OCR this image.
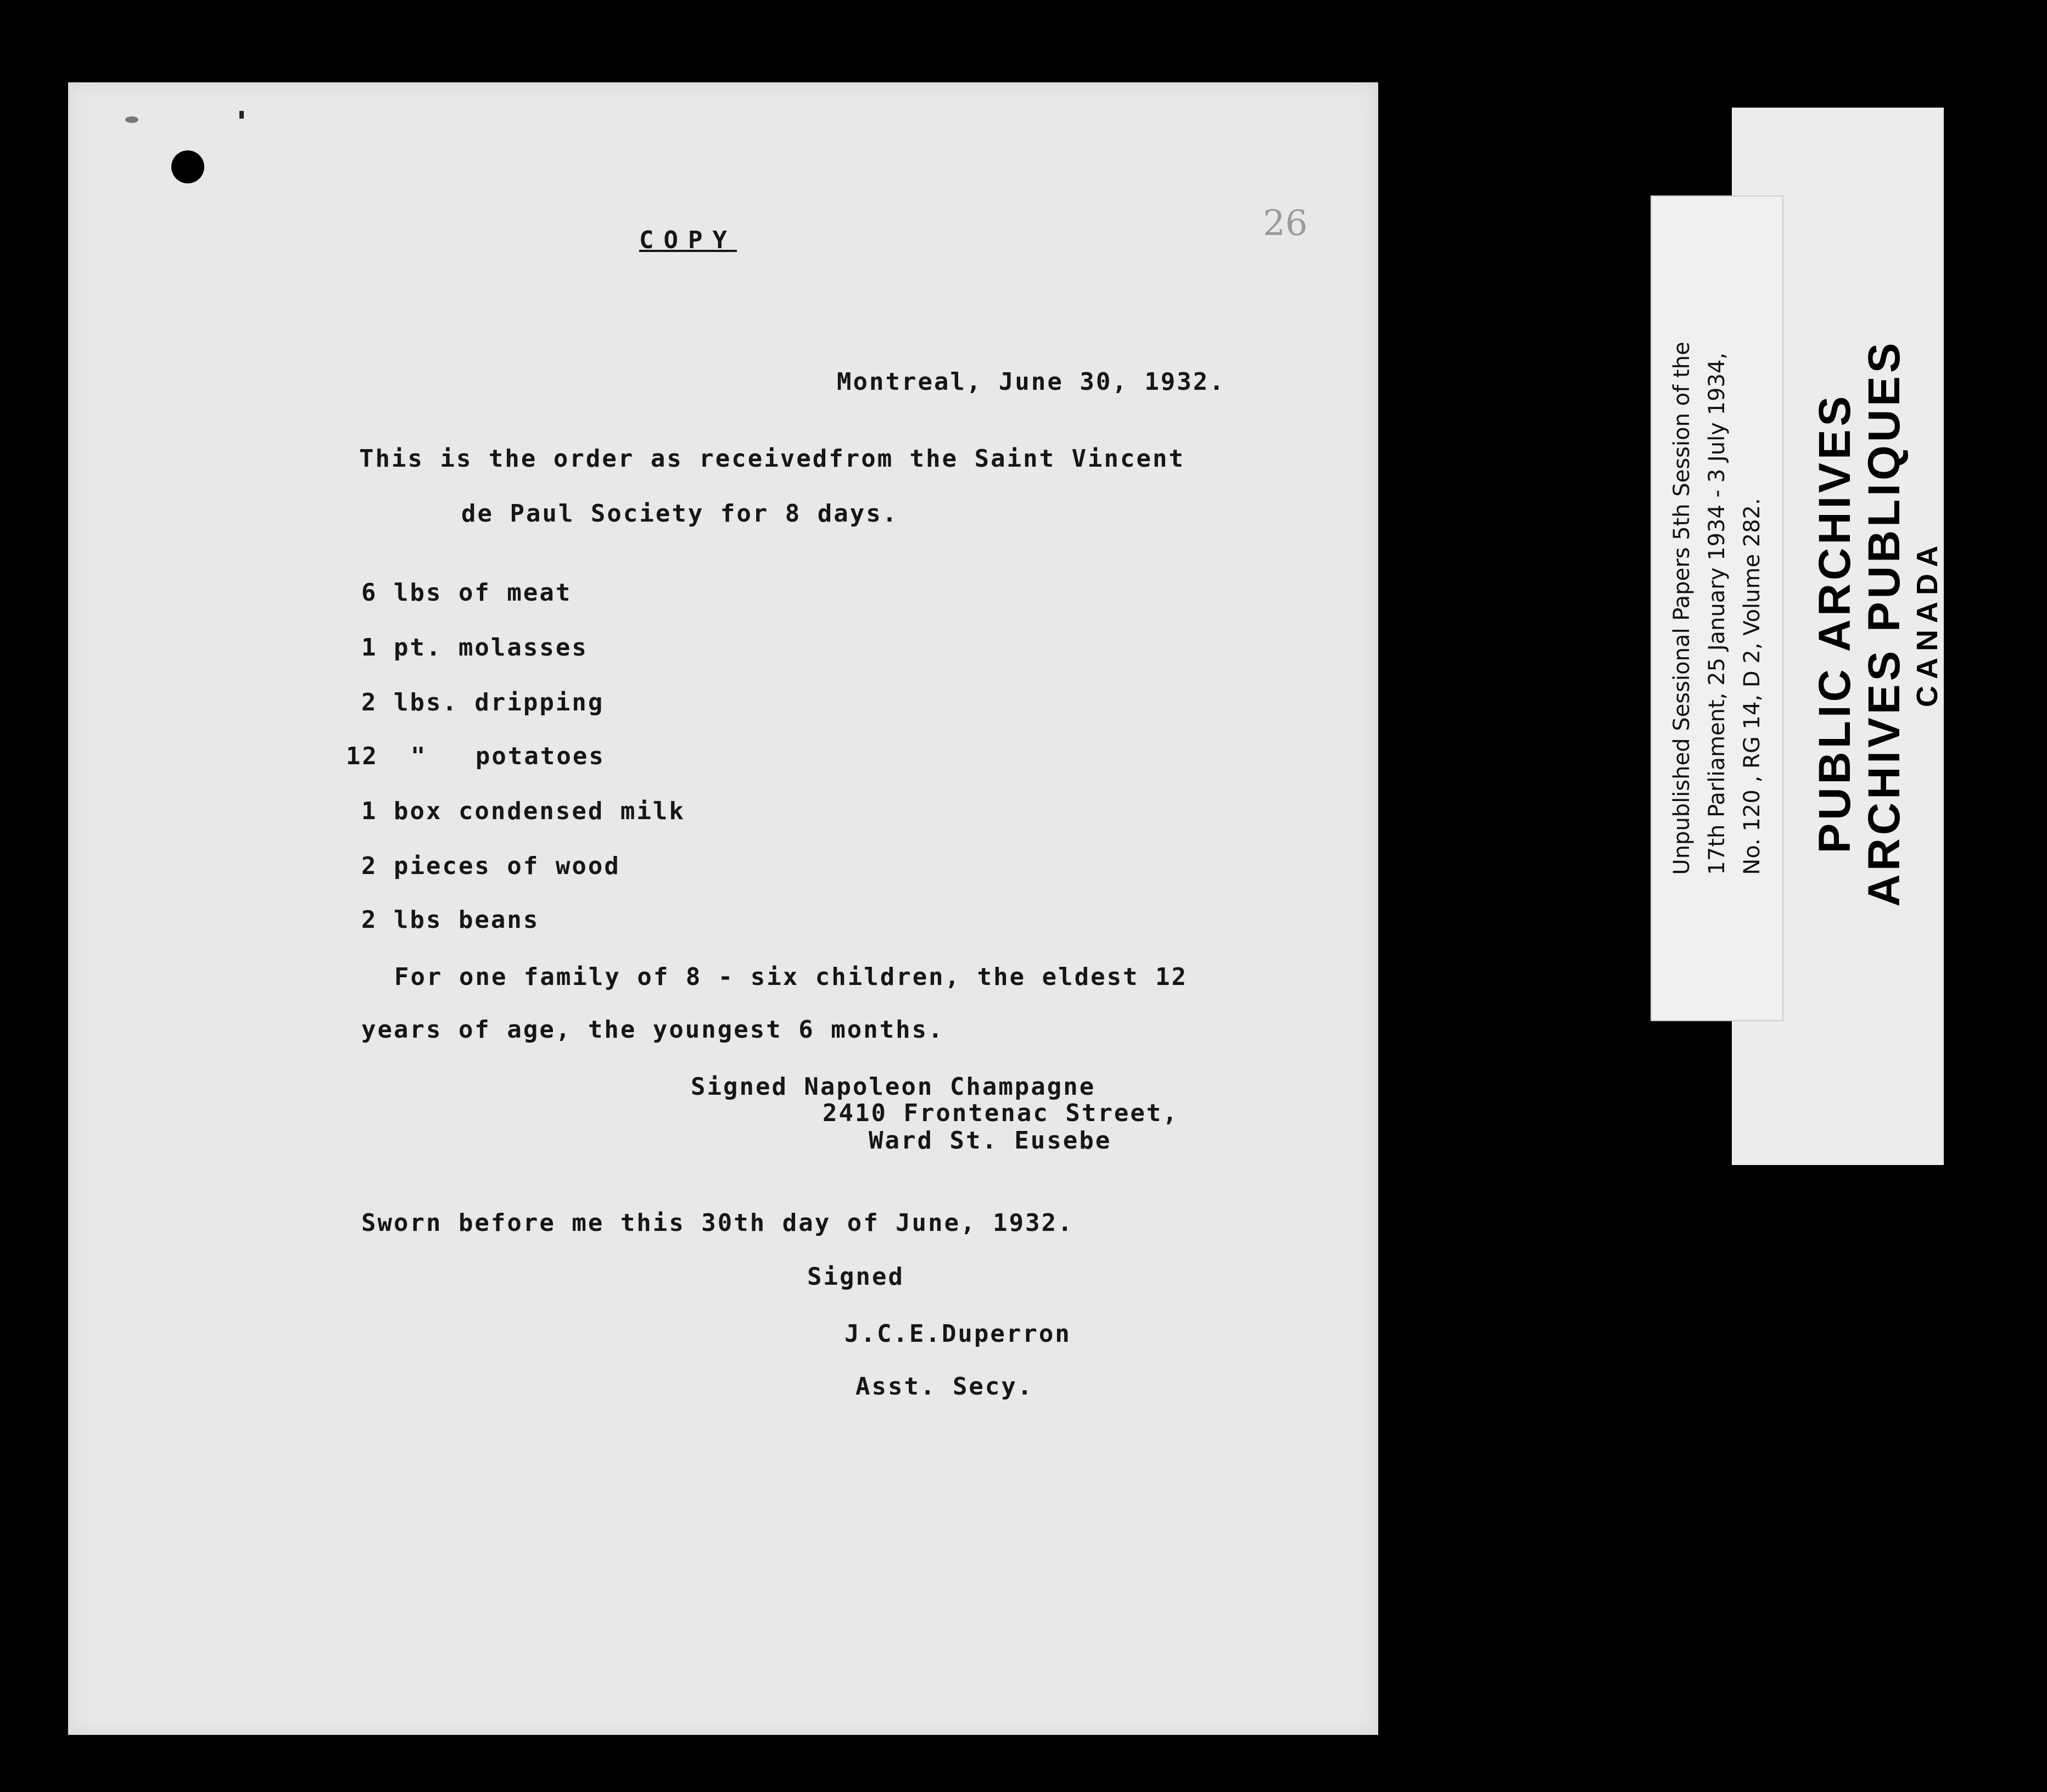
26
COPY
Montreal, June 30, 1932.
This is the order as receivedfrom the Saint Vincent
de Paul Society for 8 days.
6 lbs of meat
1 pt. molasses
2 lbs. dripping
12  "   potatoes
1 box condensed milk
2 pieces of wood
2 lbs beans
For one family of 8 - six children, the eldest 12
years of age, the youngest 6 months.
Signed Napoleon Champagne
2410 Frontenac Street,
Ward St. Eusebe
Sworn before me this 30th day of June, 1932.
Signed
J.C.E.Duperron
Asst. Secy.
Unpublished Sessional Papers 5th Session of the 17th Parliament, 25 January 1934 - 3 July 1934, No. 120 , RG 14, D 2, Volume 282. PUBLIC ARCHIVES ARCHIVES PUBLIQUES CANADA
